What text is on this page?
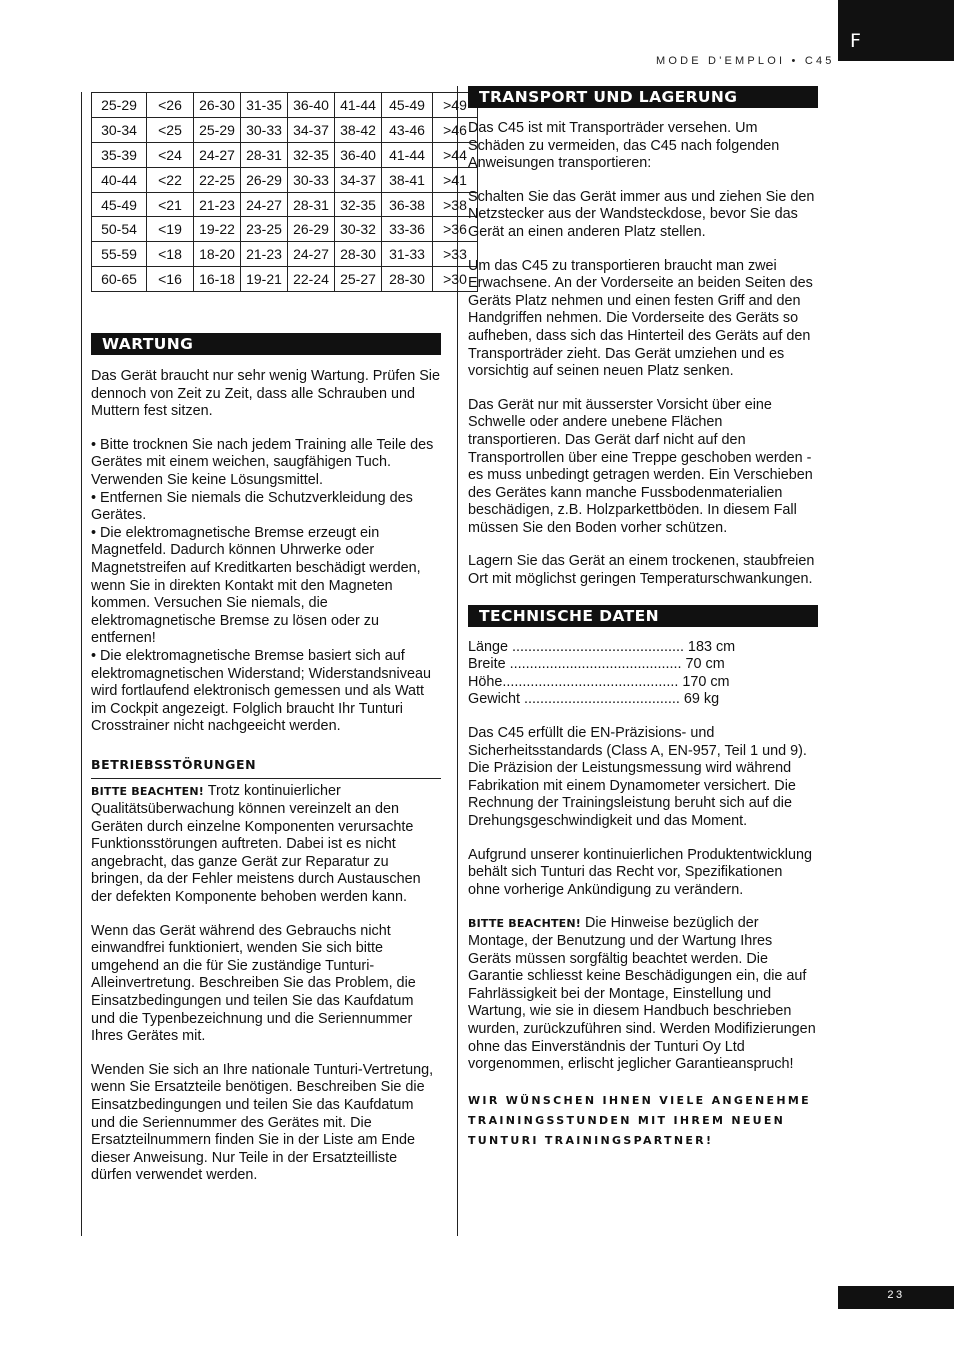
F
MODE D'EMPLOI • C45
25-29	<26	26-30	31-35	36-40	41-44	45-49	>49
30-34	<25	25-29	30-33	34-37	38-42	43-46	>46
35-39	<24	24-27	28-31	32-35	36-40	41-44	>44
40-44	<22	22-25	26-29	30-33	34-37	38-41	>41
45-49	<21	21-23	24-27	28-31	32-35	36-38	>38
50-54	<19	19-22	23-25	26-29	30-32	33-36	>36
55-59	<18	18-20	21-23	24-27	28-30	31-33	>33
60-65	<16	16-18	19-21	22-24	25-27	28-30	>30
WARTUNG

Das Gerät braucht nur sehr wenig Wartung. Prüfen Sie dennoch von Zeit zu Zeit, dass alle Schrauben und Muttern fest sitzen.

• Bitte trocknen Sie nach jedem Training alle Teile des Gerätes mit einem weichen, saugfähigen Tuch. Verwenden Sie keine Lösungsmittel.

• Entfernen Sie niemals die Schutzverkleidung des Gerätes.

• Die elektromagnetische Bremse erzeugt ein Magnetfeld. Dadurch können Uhrwerke oder Magnetstreifen auf Kreditkarten beschädigt werden, wenn Sie in direkten Kontakt mit den Magneten kommen. Versuchen Sie niemals, die elektromagnetische Bremse zu lösen oder zu entfernen!

• Die elektromagnetische Bremse basiert sich auf elektromagnetischen Widerstand; Widerstandsniveau wird fortlaufend elektronisch gemessen und als Watt im Cockpit angezeigt. Folglich braucht Ihr Tunturi Crosstrainer nicht nachgeeicht werden.

BETRIEBSSTÖRUNGEN

BITTE BEACHTEN! Trotz kontinuierlicher Qualitätsüberwachung können vereinzelt an den Geräten durch einzelne Komponenten verursachte Funktionsstörungen auftreten. Dabei ist es nicht angebracht, das ganze Gerät zur Reparatur zu bringen, da der Fehler meistens durch Austauschen der defekten Komponente behoben werden kann.

Wenn das Gerät während des Gebrauchs nicht einwandfrei funktioniert, wenden Sie sich bitte umgehend an die für Sie zuständige Tunturi-Alleinvertretung. Beschreiben Sie das Problem, die Einsatzbedingungen und teilen Sie das Kaufdatum und die Typenbezeichnung und die Seriennummer Ihres Gerätes mit.

Wenden Sie sich an Ihre nationale Tunturi-Vertretung, wenn Sie Ersatzteile benötigen. Beschreiben Sie die Einsatzbedingungen und teilen Sie das Kaufdatum und die Seriennummer des Gerätes mit. Die Ersatzteilnummern finden Sie in der Liste am Ende dieser Anweisung. Nur Teile in der Ersatzteilliste dürfen verwendet werden.

TRANSPORT UND LAGERUNG

Das C45 ist mit Transporträder versehen. Um Schäden zu vermeiden, das C45 nach folgenden Anweisungen transportieren:

Schalten Sie das Gerät immer aus und ziehen Sie den Netzstecker aus der Wandsteckdose, bevor Sie das Gerät an einen anderen Platz stellen.

Um das C45 zu transportieren braucht man zwei Erwachsene. An der Vorderseite an beiden Seiten des Geräts Platz nehmen und einen festen Griff and den Handgriffen nehmen. Die Vorderseite des Geräts so aufheben, dass sich das Hinterteil des Geräts auf den Transporträder zieht. Das Gerät umziehen und es vorsichtig auf seinen neuen Platz senken.

Das Gerät nur mit äusserster Vorsicht über eine Schwelle oder andere unebene Flächen transportieren. Das Gerät darf nicht auf den Transportrollen über eine Treppe geschoben werden - es muss unbedingt getragen werden. Ein Verschieben des Gerätes kann manche Fussbodenmaterialien beschädigen, z.B. Holzparkettböden. In diesem Fall müssen Sie den Boden vorher schützen.

Lagern Sie das Gerät an einem trockenen, staubfreien Ort mit möglichst geringen Temperaturschwankungen.

TECHNISCHE DATEN
Länge ........................................... 183 cm
Breite ........................................... 70 cm
Höhe............................................ 170 cm
Gewicht ....................................... 69 kg

Das C45 erfüllt die EN-Präzisions- und Sicherheitsstandards (Class A, EN-957, Teil 1 und 9). Die Präzision der Leistungsmessung wird während Fabrikation mit einem Dynamometer versichert. Die Rechnung der Trainingsleistung beruht sich auf die Drehungsgeschwindigkeit und das Moment.

Aufgrund unserer kontinuierlichen Produktentwicklung behält sich Tunturi das Recht vor, Spezifikationen ohne vorherige Ankündigung zu verändern.

BITTE BEACHTEN! Die Hinweise bezüglich der Montage, der Benutzung und der Wartung Ihres Geräts müssen sorgfältig beachtet werden. Die Garantie schliesst keine Beschädigungen ein, die auf Fahrlässigkeit bei der Montage, Einstellung und Wartung, wie sie in diesem Handbuch beschrieben wurden, zurückzuführen sind. Werden Modifizierungen ohne das Einverständnis der Tunturi Oy Ltd vorgenommen, erlischt jeglicher Garantieanspruch!

WIR WÜNSCHEN IHNEN VIELE ANGENEHME TRAININGSSTUNDEN MIT IHREM NEUEN TUNTURI TRAININGSPARTNER!

23
